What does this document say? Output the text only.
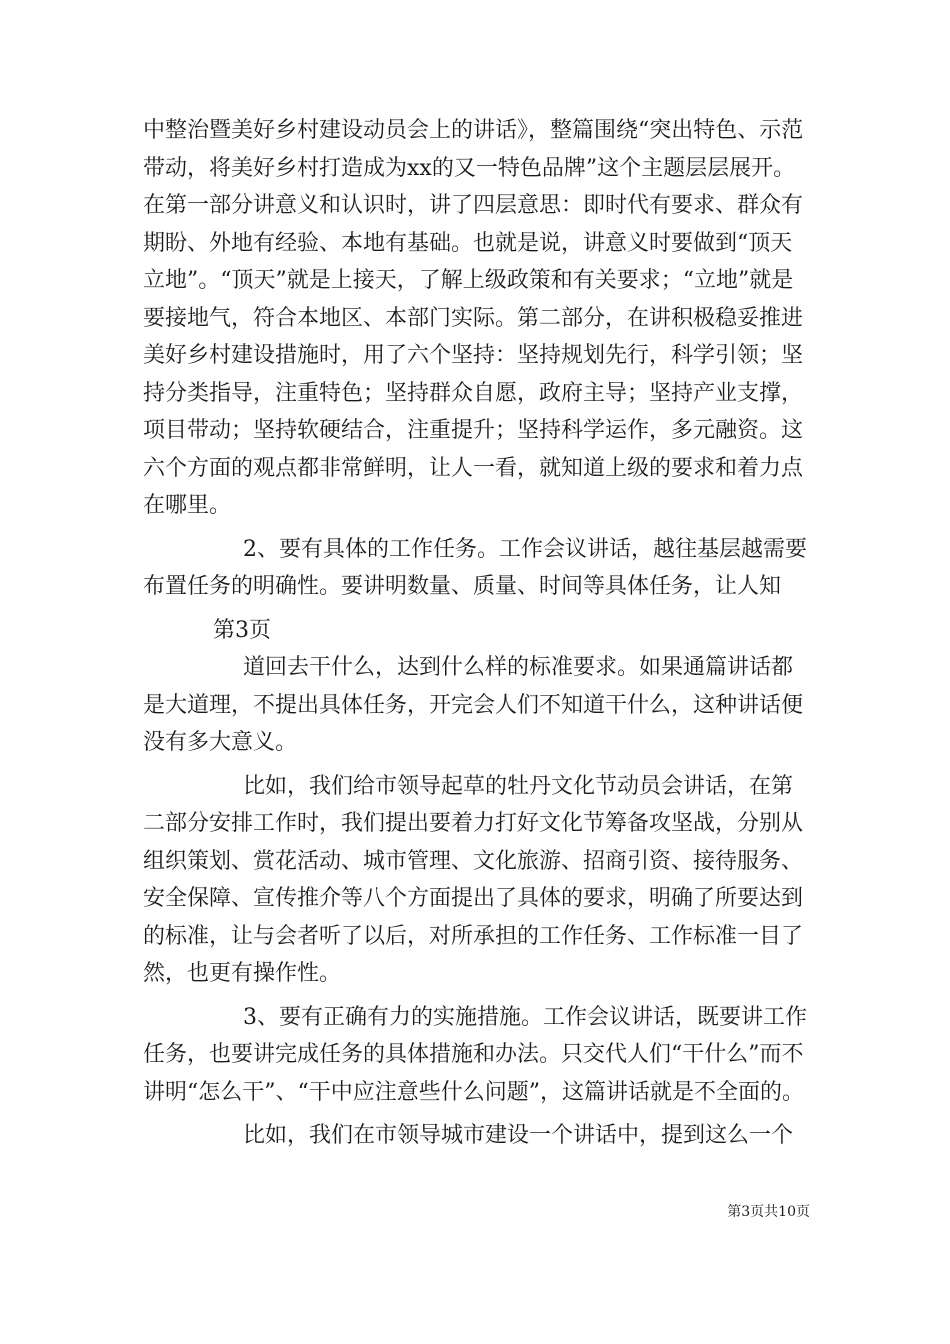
中整治暨美好乡村建设动员会上的讲话》，整篇围绕“突出特色、示范带动，将美好乡村打造成为xx的又一特色品牌”这个主题层层展开。在第一部分讲意义和认识时，讲了四层意思：即时代有要求、群众有期盼、外地有经验、本地有基础。也就是说，讲意义时要做到“顶天立地”。“顶天”就是上接天，了解上级政策和有关要求；“立地”就是要接地气，符合本地区、本部门实际。第二部分，在讲积极稳妥推进美好乡村建设措施时，用了六个坚持：坚持规划先行，科学引领；坚持分类指导，注重特色；坚持群众自愿，政府主导；坚持产业支撑，项目带动；坚持软硬结合，注重提升；坚持科学运作，多元融资。这六个方面的观点都非常鲜明，让人一看，就知道上级的要求和着力点在哪里。

2、要有具体的工作任务。工作会议讲话，越往基层越需要布置任务的明确性。要讲明数量、质量、时间等具体任务，让人知

第3页

道回去干什么，达到什么样的标准要求。如果通篇讲话都是大道理，不提出具体任务，开完会人们不知道干什么，这种讲话便没有多大意义。

比如，我们给市领导起草的牡丹文化节动员会讲话，在第二部分安排工作时，我们提出要着力打好文化节筹备攻坚战，分别从组织策划、赏花活动、城市管理、文化旅游、招商引资、接待服务、安全保障、宣传推介等八个方面提出了具体的要求，明确了所要达到的标准，让与会者听了以后，对所承担的工作任务、工作标准一目了然，也更有操作性。

3、要有正确有力的实施措施。工作会议讲话，既要讲工作任务，也要讲完成任务的具体措施和办法。只交代人们“干什么”而不讲明“怎么干”、“干中应注意些什么问题”，这篇讲话就是不全面的。

比如，我们在市领导城市建设一个讲话中，提到这么一个

第3页共10页
